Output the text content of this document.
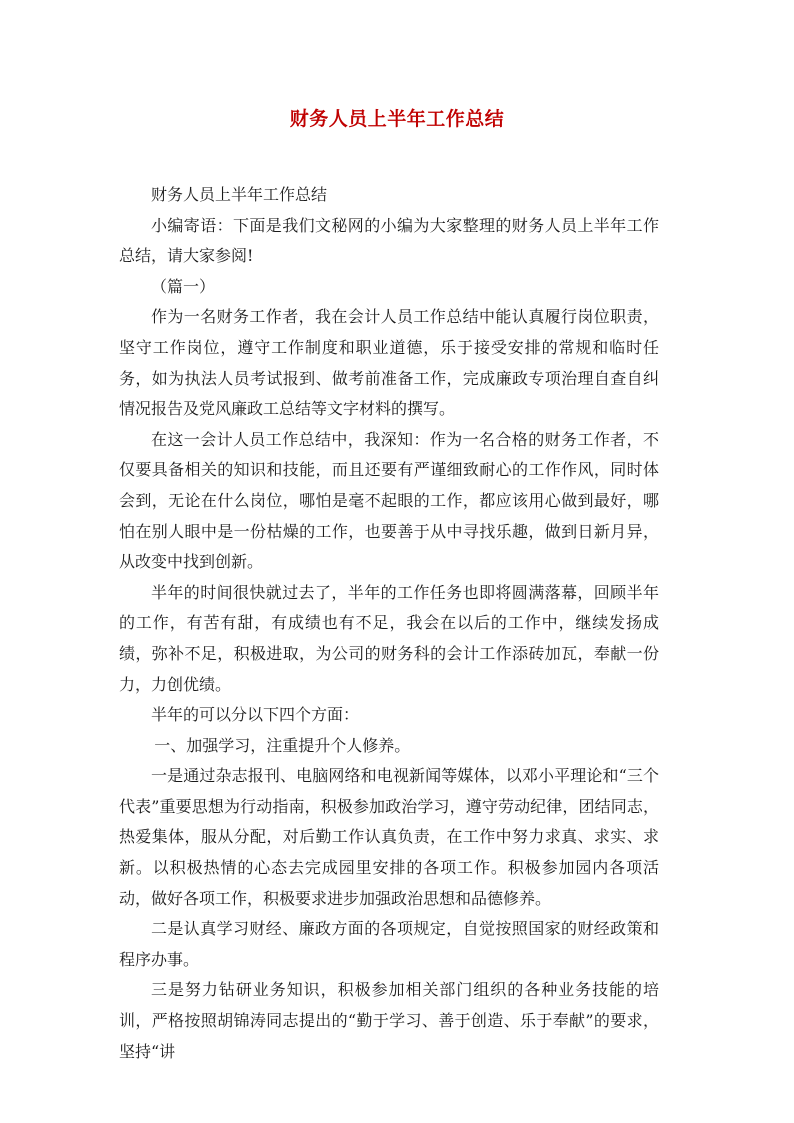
财务人员上半年工作总结

财务人员上半年工作总结

小编寄语：下面是我们文秘网的小编为大家整理的财务人员上半年工作总结，请大家参阅!

（篇一）

作为一名财务工作者，我在会计人员工作总结中能认真履行岗位职责，坚守工作岗位，遵守工作制度和职业道德，乐于接受安排的常规和临时任务，如为执法人员考试报到、做考前准备工作，完成廉政专项治理自查自纠情况报告及党风廉政工总结等文字材料的撰写。

在这一会计人员工作总结中，我深知：作为一名合格的财务工作者，不仅要具备相关的知识和技能，而且还要有严谨细致耐心的工作作风，同时体会到，无论在什么岗位，哪怕是毫不起眼的工作，都应该用心做到最好，哪怕在别人眼中是一份枯燥的工作，也要善于从中寻找乐趣，做到日新月异，从改变中找到创新。

半年的时间很快就过去了，半年的工作任务也即将圆满落幕，回顾半年的工作，有苦有甜，有成绩也有不足，我会在以后的工作中，继续发扬成绩，弥补不足，积极进取，为公司的财务科的会计工作添砖加瓦，奉献一份力，力创优绩。

半年的可以分以下四个方面：

一、加强学习，注重提升个人修养。

一是通过杂志报刊、电脑网络和电视新闻等媒体，以邓小平理论和“三个代表”重要思想为行动指南，积极参加政治学习，遵守劳动纪律，团结同志，热爱集体，服从分配，对后勤工作认真负责，在工作中努力求真、求实、求新。以积极热情的心态去完成园里安排的各项工作。积极参加园内各项活动，做好各项工作，积极要求进步加强政治思想和品德修养。

二是认真学习财经、廉政方面的各项规定，自觉按照国家的财经政策和程序办事。

三是努力钻研业务知识，积极参加相关部门组织的各种业务技能的培训，严格按照胡锦涛同志提出的“勤于学习、善于创造、乐于奉献”的要求，坚持“讲
